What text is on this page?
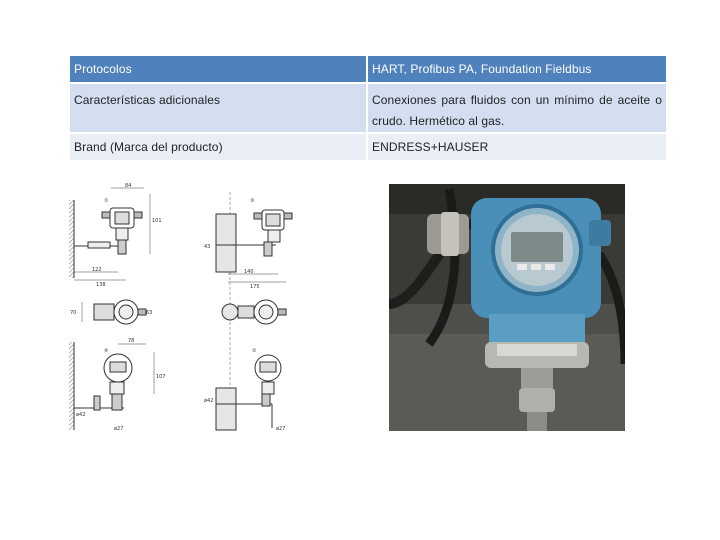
Protocolos	HART, Profibus PA, Foundation Fieldbus
Características adicionales	Conexiones para fluidos con un mínimo de aceite o crudo. Hermético al gas.
Brand (Marca del producto)	ENDRESS+HAUSER
①
84
101
122
138
③
43
140
175
70	63
④
78
107
ø42
ø27
②
ø42
ø27
